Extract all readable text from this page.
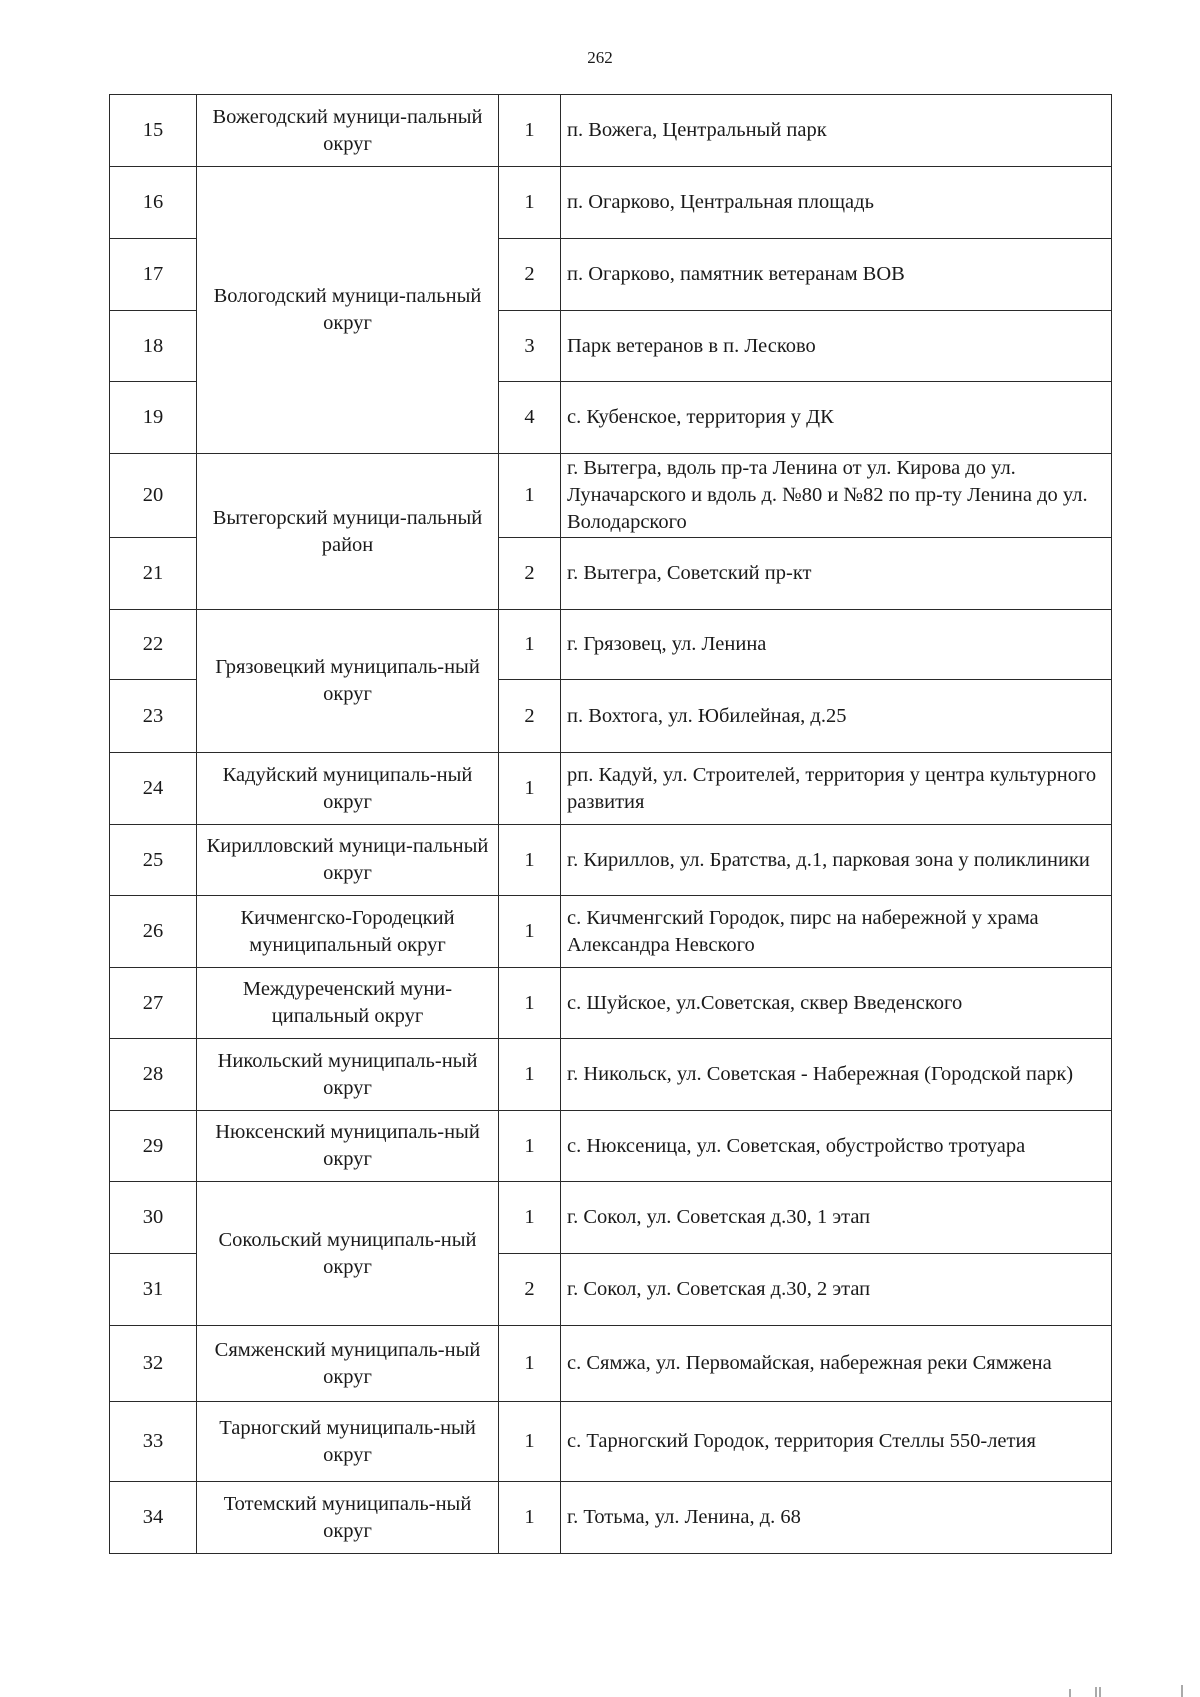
262
15	Вожегодский муници-пальный округ	1	п. Вожега, Центральный парк
16	Вологодский муници-пальный округ	1	п. Огарково, Центральная площадь
17		2	п. Огарково, памятник ветеранам ВОВ
18		3	Парк ветеранов в п. Лесково
19		4	с. Кубенское, территория у ДК
20	Вытегорский муници-пальный район	1	г. Вытегра, вдоль пр-та Ленина от ул. Кирова до ул. Луначарского и вдоль д. №80 и №82 по пр-ту Ленина до ул. Володарского
21		2	г. Вытегра, Советский пр-кт
22	Грязовецкий муниципаль-ный округ	1	г. Грязовец, ул. Ленина
23		2	п. Вохтога, ул. Юбилейная, д.25
24	Кадуйский муниципаль-ный округ	1	рп. Кадуй, ул. Строителей, территория у центра культурного развития
25	Кирилловский муници-пальный округ	1	г. Кириллов, ул. Братства, д.1, парковая зона у поликлиники
26	Кичменгско-Городецкий муниципальный округ	1	с. Кичменгский Городок, пирс на набережной у храма Александра Невского
27	Междуреченский муни-ципальный округ	1	с. Шуйское, ул.Советская, сквер Введенского
28	Никольский муниципаль-ный округ	1	г. Никольск, ул. Советская - Набережная (Городской парк)
29	Нюксенский муниципаль-ный округ	1	с. Нюксеница, ул. Советская, обустройство тротуара
30	Сокольский муниципаль-ный округ	1	г. Сокол, ул. Советская д.30, 1 этап
31		2	г. Сокол, ул. Советская д.30, 2 этап
32	Сямженский муниципаль-ный округ	1	с. Сямжа, ул. Первомайская, набережная реки Сямжена
33	Тарногский муниципаль-ный округ	1	с. Тарногский Городок, территория Стеллы 550-летия
34	Тотемский муниципаль-ный округ	1	г. Тотьма, ул. Ленина, д. 68
